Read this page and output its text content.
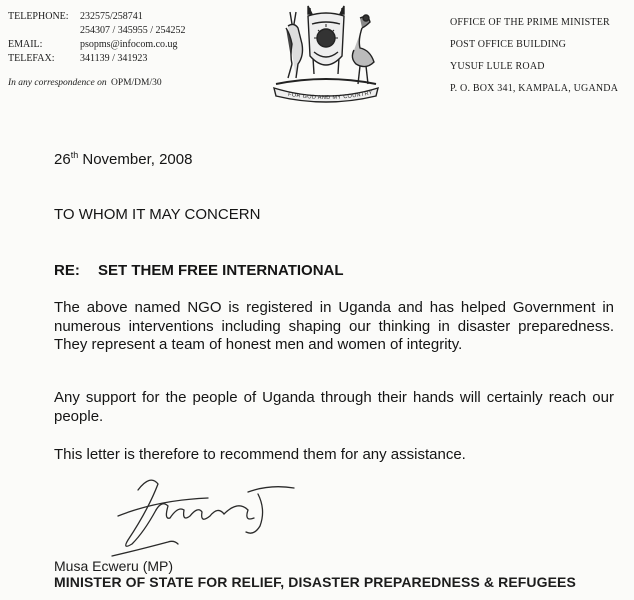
TELEPHONE: 232575/258741
254307 / 345955 / 254252
EMAIL:	psopms@infocom.co.ug
TELEFAX:	341139 / 341923
In any correspondence on OPM/DM/30
FOR GOD AND MY COUNTRY
OFFICE OF THE PRIME MINISTER
POST OFFICE BUILDING
YUSUF LULE ROAD
P. O. BOX 341, KAMPALA, UGANDA
26th November, 2008
TO WHOM IT MAY CONCERN
RE: SET THEM FREE INTERNATIONAL
The above named NGO is registered in Uganda and has helped Government in numerous interventions including shaping our thinking in disaster preparedness. They represent a team of honest men and women of integrity.
Any support for the people of Uganda through their hands will certainly reach our people.
This letter is therefore to recommend them for any assistance.
Musa Ecweru (MP)
MINISTER OF STATE FOR RELIEF, DISASTER PREPAREDNESS & REFUGEES
